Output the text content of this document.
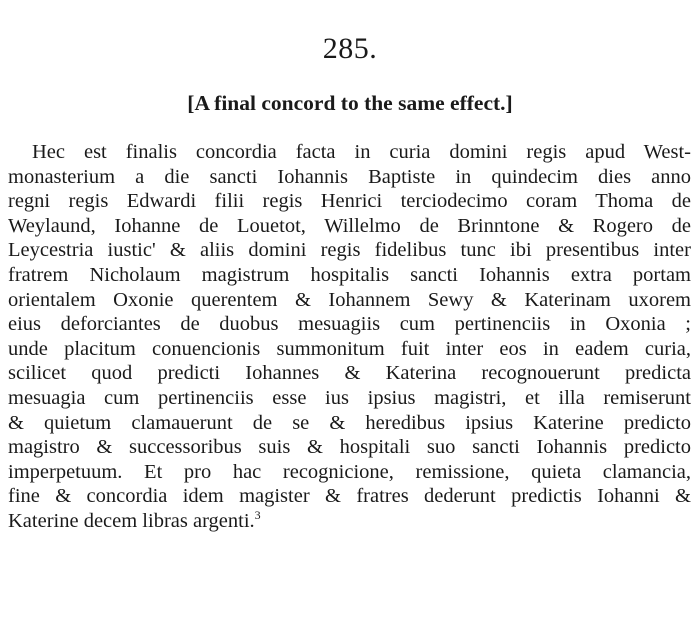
285.
[A final concord to the same effect.]
Hec est finalis concordia facta in curia domini regis apud West-
monasterium a die sancti Iohannis Baptiste in quindecim dies anno
regni regis Edwardi filii regis Henrici terciodecimo coram Thoma de
Weylaund, Iohanne de Louetot, Willelmo de Brinntone & Rogero de
Leycestria iustic' & aliis domini regis fidelibus tunc ibi presentibus inter
fratrem Nicholaum magistrum hospitalis sancti Iohannis extra portam
orientalem Oxonie querentem & Iohannem Sewy & Katerinam uxorem
eius deforciantes de duobus mesuagiis cum pertinenciis in Oxonia ;
unde placitum conuencionis summonitum fuit inter eos in eadem curia,
scilicet quod predicti Iohannes & Katerina recognouerunt predicta
mesuagia cum pertinenciis esse ius ipsius magistri, et illa remiserunt
& quietum clamauerunt de se & heredibus ipsius Katerine predicto
magistro & successoribus suis & hospitali suo sancti Iohannis predicto
imperpetuum. Et pro hac recognicione, remissione, quieta clamancia,
fine & concordia idem magister & fratres dederunt predictis Iohanni &
Katerine decem libras argenti.$^3$
